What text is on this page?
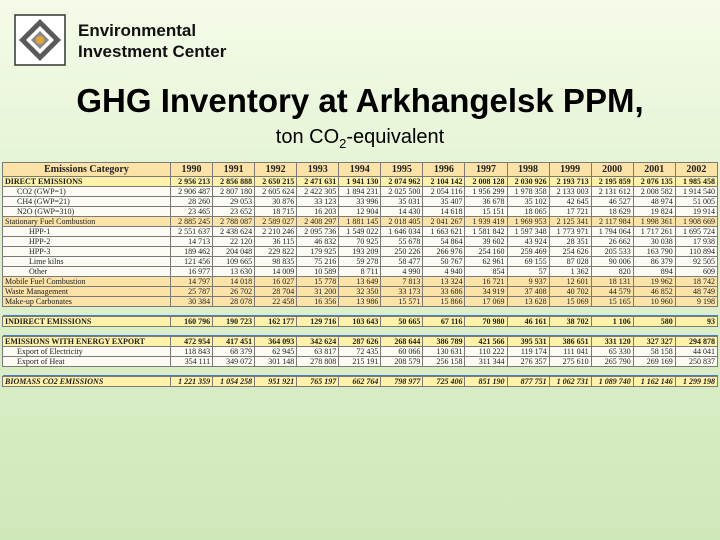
Environmental
Investment Center
GHG Inventory at Arkhangelsk PPM,
ton $CO_2$-equivalent
Emissions Category	1990	1991	1992	1993	1994	1995	1996	1997	1998	1999	2000	2001	2002
DIRECT EMISSIONS	2 956 213	2 856 888	2 650 215	2 471 631	1 941 130	2 074 962	2 104 142	2 008 128	2 030 926	2 193 713	2 195 859	2 076 135	1 985 458
CO2 (GWP=1)	2 906 487	2 807 180	2 605 624	2 422 305	1 894 231	2 025 500	2 054 116	1 956 299	1 978 358	2 133 003	2 131 612	2 008 582	1 914 540
CH4 (GWP=21)	28 260	29 053	30 876	33 123	33 996	35 031	35 407	36 678	35 102	42 645	46 527	48 974	51 005
N2O (GWP=310)	23 465	23 652	18 715	16 203	12 904	14 430	14 618	15 151	18 065	17 721	18 629	19 824	19 914
Stationary Fuel Combustion	2 885 245	2 788 087	2 589 027	2 408 297	1 881 145	2 018 405	2 041 267	1 939 419	1 969 953	2 125 341	2 117 984	1 998 361	1 908 669
HPP-1	2 551 637	2 438 624	2 210 246	2 095 736	1 549 022	1 646 034	1 663 621	1 581 842	1 597 348	1 773 971	1 794 064	1 717 261	1 695 724
HPP-2	14 713	22 120	36 115	46 832	70 925	55 678	54 864	39 602	43 924	28 351	26 662	30 038	17 938
HPP-3	189 462	204 048	229 822	179 925	193 209	250 226	266 976	254 160	259 469	254 626	205 533	163 790	110 894
Lime kilns	121 456	109 665	98 835	75 216	59 278	58 477	50 767	62 961	69 155	87 028	90 006	86 379	92 505
Other	16 977	13 630	14 009	10 589	8 711	4 990	4 940	854	57	1 362	820	894	609
Mobile Fuel Combustion	14 797	14 018	16 027	15 778	13 649	7 813	13 324	16 721	9 937	12 601	18 131	19 962	18 742
Waste Management	25 787	26 702	28 704	31 200	32 350	33 173	33 686	34 919	37 408	40 702	44 579	46 852	48 749
Make-up Carbonates	30 384	28 078	22 458	16 356	13 986	15 571	15 866	17 069	13 628	15 069	15 165	10 960	9 198

INDIRECT EMISSIONS	160 796	190 723	162 177	129 716	103 643	50 665	67 116	70 980	46 161	38 702	1 106	580	93

EMISSIONS WITH ENERGY EXPORT	472 954	417 451	364 093	342 624	287 626	268 644	386 789	421 566	395 531	386 651	331 120	327 327	294 878
Export of Electricity	118 843	68 379	62 945	63 817	72 435	60 066	130 631	110 222	119 174	111 041	65 330	58 158	44 041
Export of Heat	354 111	349 072	301 148	278 808	215 191	208 579	256 158	311 344	276 357	275 610	265 790	269 169	250 837

BIOMASS CO2 EMISSIONS	1 221 359	1 054 258	951 921	765 197	662 764	798 977	725 406	851 190	877 751	1 062 731	1 089 740	1 162 146	1 299 198
